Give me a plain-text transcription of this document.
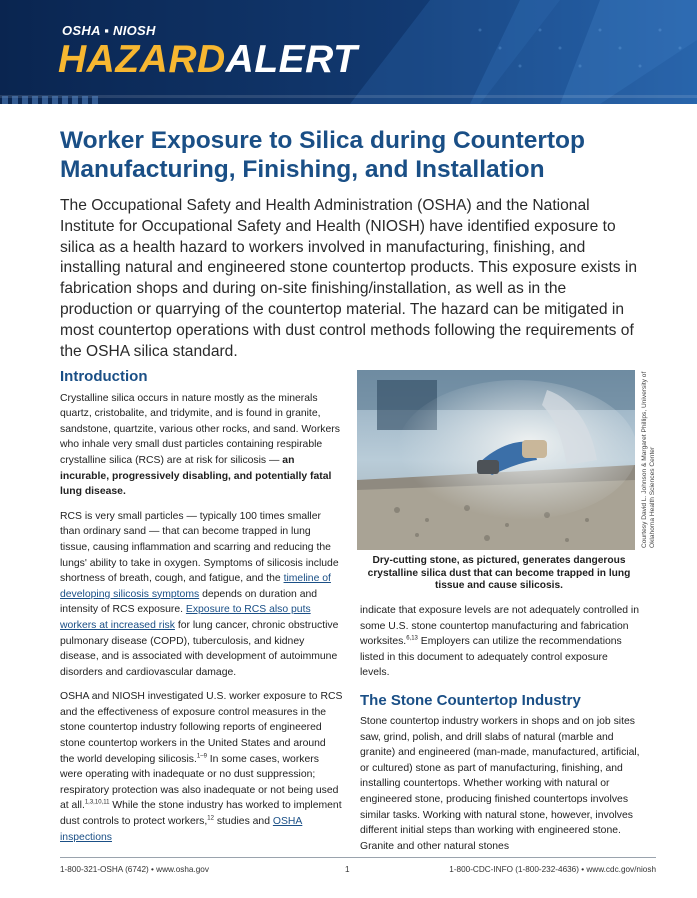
OSHA ▪ NIOSH
HAZARDALERT
Worker Exposure to Silica during Countertop Manufacturing, Finishing, and Installation
The Occupational Safety and Health Administration (OSHA) and the National Institute for Occupational Safety and Health (NIOSH) have identified exposure to silica as a health hazard to workers involved in manufacturing, finishing, and installing natural and engineered stone countertop products. This exposure exists in fabrication shops and during on-site finishing/installation, as well as in the production or quarrying of the countertop material. The hazard can be mitigated in most countertop operations with dust control methods following the requirements of the OSHA silica standard.
Introduction

Crystalline silica occurs in nature mostly as the minerals quartz, cristobalite, and tridymite, and is found in granite, sandstone, quartzite, various other rocks, and sand. Workers who inhale very small dust particles containing respirable crystalline silica (RCS) are at risk for silicosis — an incurable, progressively disabling, and potentially fatal lung disease.

RCS is very small particles — typically 100 times smaller than ordinary sand — that can become trapped in lung tissue, causing inflammation and scarring and reducing the lungs' ability to take in oxygen. Symptoms of silicosis include shortness of breath, cough, and fatigue, and the timeline of developing silicosis symptoms depends on duration and intensity of RCS exposure. Exposure to RCS also puts workers at increased risk for lung cancer, chronic obstructive pulmonary disease (COPD), tuberculosis, and kidney disease, and is associated with development of autoimmune disorders and cardiovascular damage.

OSHA and NIOSH investigated U.S. worker exposure to RCS and the effectiveness of exposure control measures in the stone countertop industry following reports of engineered stone countertop workers in the United States and around the world developing silicosis.$^{1-9}$ In some cases, workers were operating with inadequate or no dust suppression; respiratory protection was also inadequate or not being used at all.$^{1,3,10,11}$ While the stone industry has worked to implement dust controls to protect workers,$^{12}$ studies and OSHA inspections

Courtesy David L. Johnson & Margaret Phillips, University of Oklahoma Health Sciences Center
Dry-cutting stone, as pictured, generates dangerous crystalline silica dust that can become trapped in lung tissue and cause silicosis.

indicate that exposure levels are not adequately controlled in some U.S. stone countertop manufacturing and fabrication worksites.$^{6,13}$ Employers can utilize the recommendations listed in this document to adequately control exposure levels.

The Stone Countertop Industry

Stone countertop industry workers in shops and on job sites saw, grind, polish, and drill slabs of natural (marble and granite) and engineered (man-made, manufactured, artificial, or cultured) stone as part of manufacturing, finishing, and installing countertops. Whether working with natural or engineered stone, producing finished countertops involves similar tasks. Working with natural stone, however, involves different initial steps than working with engineered stone. Granite and other natural stones

1-800-321-OSHA (6742) • www.osha.gov	1	1-800-CDC-INFO (1-800-232-4636) • www.cdc.gov/niosh
